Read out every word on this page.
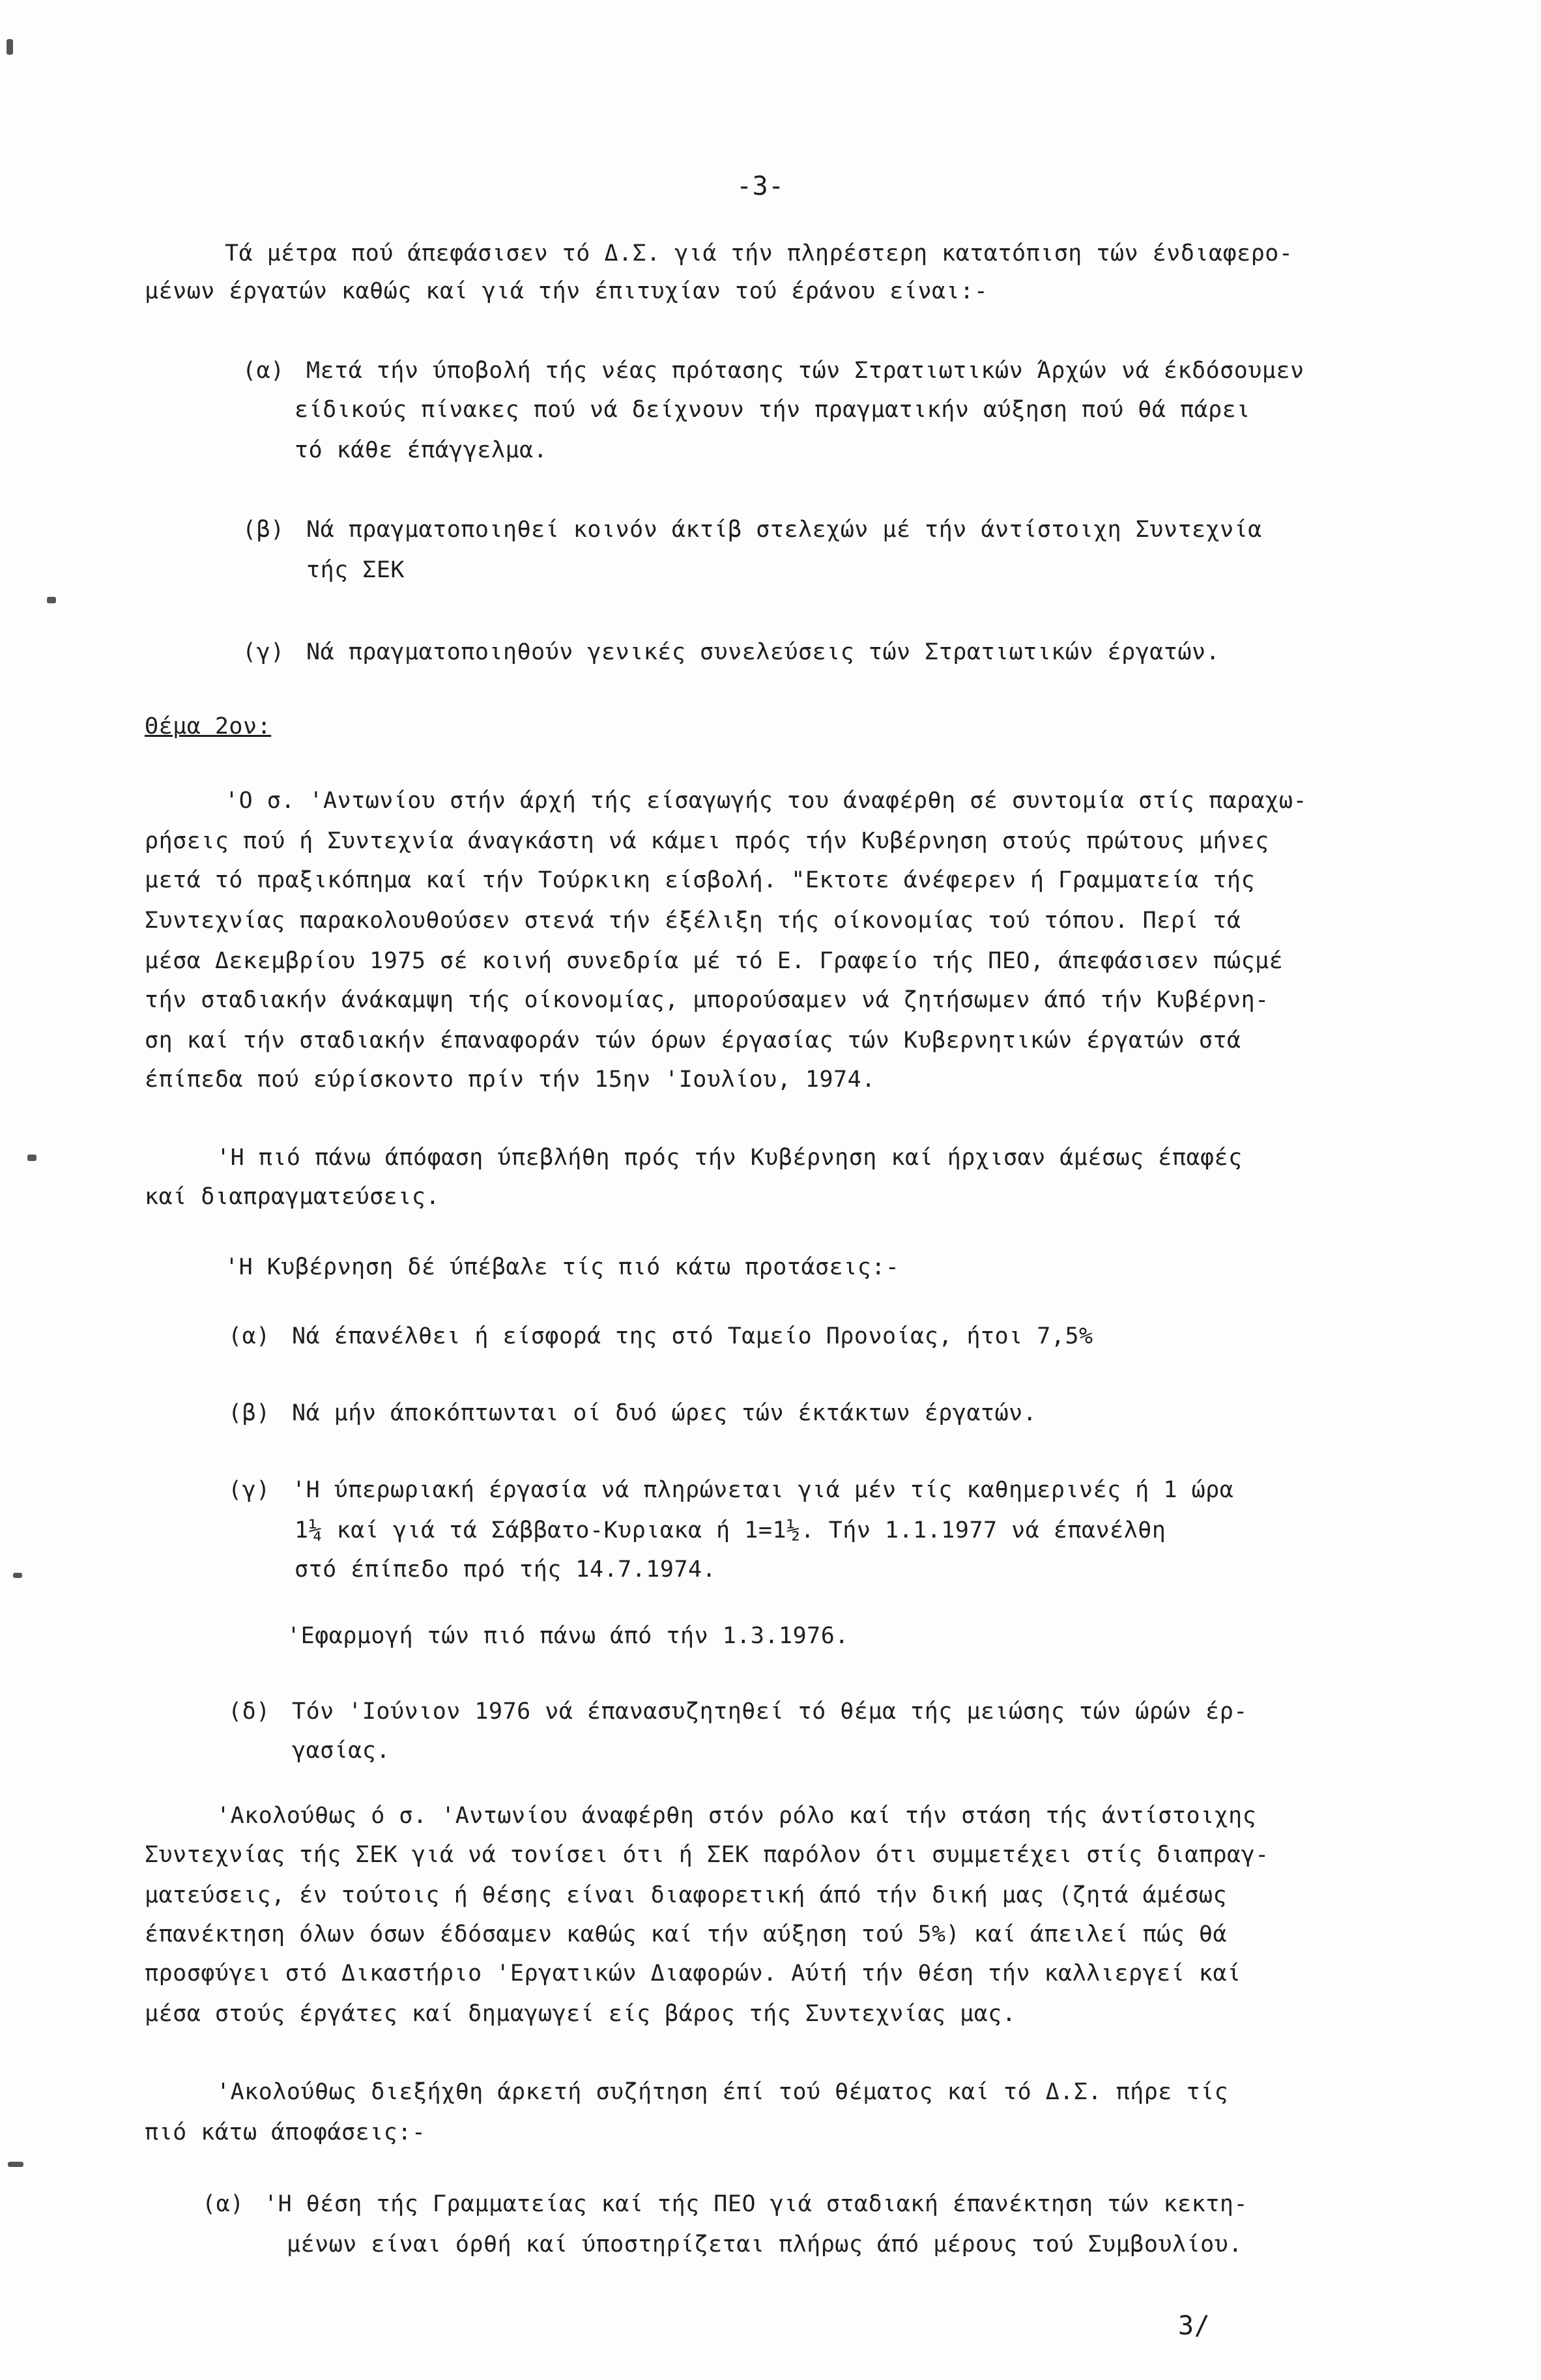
-3-
Τά μέτρα πού άπεφάσισεν τό Δ.Σ. γιά τήν πληρέστερη κατατόπιση τών ένδιαφερο-
μένων έργατών καθώς καί γιά τήν έπιτυχίαν τού έράνου είναι:-
(α) Μετά τήν ύποβολή τής νέας πρότασης τών Στρατιωτικών Άρχών νά έκδόσουμεν
είδικούς πίνακες πού νά δείχνουν τήν πραγματικήν αύξηση πού θά πάρει
τό κάθε έπάγγελμα.
(β) Νά πραγματοποιηθεί κοινόν άκτίβ στελεχών μέ τήν άντίστοιχη Συντεχνία
τής ΣΕΚ
(γ) Νά πραγματοποιηθούν γενικές συνελεύσεις τών Στρατιωτικών έργατών.
Θέμα 2ον:
'Ο σ. 'Αντωνίου στήν άρχή τής είσαγωγής του άναφέρθη σέ συντομία στίς παραχω-
ρήσεις πού ή Συντεχνία άναγκάστη νά κάμει πρός τήν Κυβέρνηση στούς πρώτους μήνες
μετά τό πραξικόπημα καί τήν Τούρκικη είσβολή. "Εκτοτε άνέφερεν ή Γραμματεία τής
Συντεχνίας παρακολουθούσεν στενά τήν έξέλιξη τής οίκονομίας τού τόπου. Περί τά
μέσα Δεκεμβρίου 1975 σέ κοινή συνεδρία μέ τό Ε. Γραφείο τής ΠΕΟ, άπεφάσισεν πώςμέ
τήν σταδιακήν άνάκαμψη τής οίκονομίας, μπορούσαμεν νά ζητήσωμεν άπό τήν Κυβέρνη-
ση καί τήν σταδιακήν έπαναφοράν τών όρων έργασίας τών Κυβερνητικών έργατών στά
έπίπεδα πού εύρίσκοντο πρίν τήν 15ην 'Ιουλίου, 1974.
'Η πιό πάνω άπόφαση ύπεβλήθη πρός τήν Κυβέρνηση καί ήρχισαν άμέσως έπαφές
καί διαπραγματεύσεις.
'Η Κυβέρνηση δέ ύπέβαλε τίς πιό κάτω προτάσεις:-
(α) Νά έπανέλθει ή είσφορά της στό Ταμείο Προνοίας, ήτοι 7,5%
(β) Νά μήν άποκόπτωνται οί δυό ώρες τών έκτάκτων έργατών.
(γ) 'Η ύπερωριακή έργασία νά πληρώνεται γιά μέν τίς καθημερινές ή 1 ώρα
1¼ καί γιά τά Σάββατο-Κυριακα ή 1=1½. Τήν 1.1.1977 νά έπανέλθη
στό έπίπεδο πρό τής 14.7.1974.
'Εφαρμογή τών πιό πάνω άπό τήν 1.3.1976.
(δ) Τόν 'Ιούνιον 1976 νά έπανασυζητηθεί τό θέμα τής μειώσης τών ώρών έρ-
γασίας.
'Ακολούθως ό σ. 'Αντωνίου άναφέρθη στόν ρόλο καί τήν στάση τής άντίστοιχης
Συντεχνίας τής ΣΕΚ γιά νά τονίσει ότι ή ΣΕΚ παρόλον ότι συμμετέχει στίς διαπραγ-
ματεύσεις, έν τούτοις ή θέσης είναι διαφορετική άπό τήν δική μας (ζητά άμέσως
έπανέκτηση όλων όσων έδόσαμεν καθώς καί τήν αύξηση τού 5%) καί άπειλεί πώς θά
προσφύγει στό Δικαστήριο 'Εργατικών Διαφορών. Αύτή τήν θέση τήν καλλιεργεί καί
μέσα στούς έργάτες καί δημαγωγεί είς βάρος τής Συντεχνίας μας.
'Ακολούθως διεξήχθη άρκετή συζήτηση έπί τού θέματος καί τό Δ.Σ. πήρε τίς
πιό κάτω άποφάσεις:-
(α) 'Η θέση τής Γραμματείας καί τής ΠΕΟ γιά σταδιακή έπανέκτηση τών κεκτη-
μένων είναι όρθή καί ύποστηρίζεται πλήρως άπό μέρους τού Συμβουλίου.
3/
